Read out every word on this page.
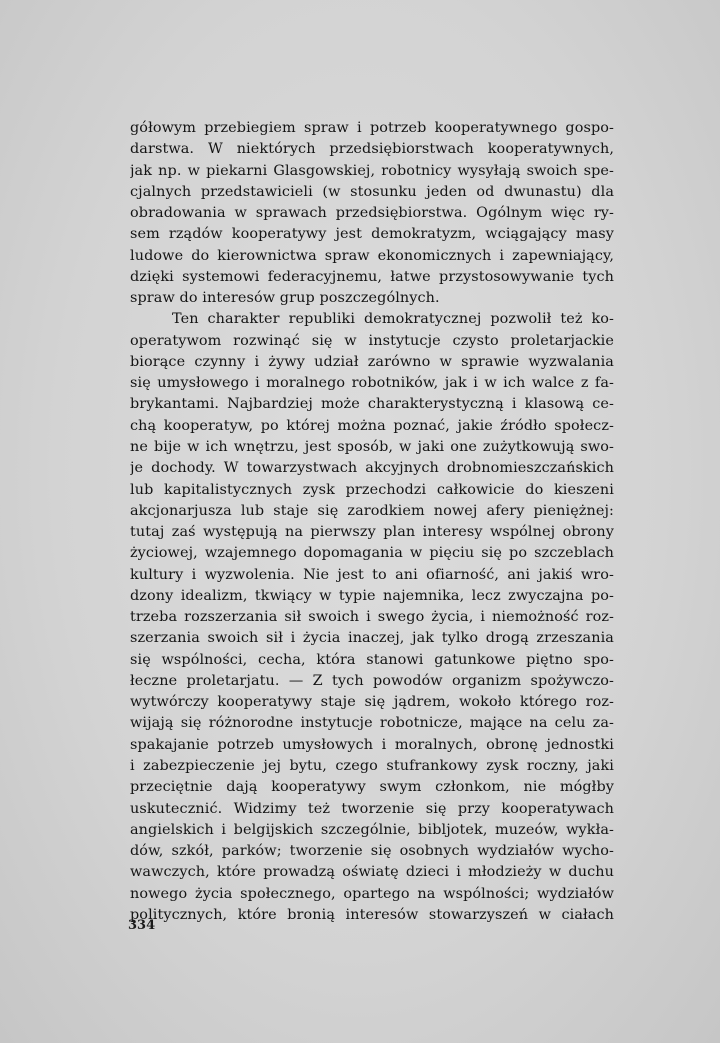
gółowym przebiegiem spraw i potrzeb kooperatywnego gospo-
darstwa. W niektórych przedsiębiorstwach kooperatywnych,
jak np. w piekarni Glasgowskiej, robotnicy wysyłają swoich spe-
cjalnych przedstawicieli (w stosunku jeden od dwunastu) dla
obradowania w sprawach przedsiębiorstwa. Ogólnym więc ry-
sem rządów kooperatywy jest demokratyzm, wciągający masy
ludowe do kierownictwa spraw ekonomicznych i zapewniający,
dzięki systemowi federacyjnemu, łatwe przystosowywanie tych
spraw do interesów grup poszczególnych.
Ten charakter republiki demokratycznej pozwolił też ko-
operatywom rozwinąć się w instytucje czysto proletarjackie
biorące czynny i żywy udział zarówno w sprawie wyzwalania
się umysłowego i moralnego robotników, jak i w ich walce z fa-
brykantami. Najbardziej może charakterystyczną i klasową ce-
chą kooperatyw, po której można poznać, jakie źródło społecz-
ne bije w ich wnętrzu, jest sposób, w jaki one zużytkowują swo-
je dochody. W towarzystwach akcyjnych drobnomieszczańskich
lub kapitalistycznych zysk przechodzi całkowicie do kieszeni
akcjonarjusza lub staje się zarodkiem nowej afery pieniężnej:
tutaj zaś występują na pierwszy plan interesy wspólnej obrony
życiowej, wzajemnego dopomagania w pięciu się po szczeblach
kultury i wyzwolenia. Nie jest to ani ofiarność, ani jakiś wro-
dzony idealizm, tkwiący w typie najemnika, lecz zwyczajna po-
trzeba rozszerzania sił swoich i swego życia, i niemożność roz-
szerzania swoich sił i życia inaczej, jak tylko drogą zrzeszania
się wspólności, cecha, która stanowi gatunkowe piętno spo-
łeczne proletarjatu. — Z tych powodów organizm spożywczo-
wytwórczy kooperatywy staje się jądrem, wokoło którego roz-
wijają się różnorodne instytucje robotnicze, mające na celu za-
spakajanie potrzeb umysłowych i moralnych, obronę jednostki
i zabezpieczenie jej bytu, czego stufrankowy zysk roczny, jaki
przeciętnie dają kooperatywy swym członkom, nie mógłby
uskutecznić. Widzimy też tworzenie się przy kooperatywach
angielskich i belgijskich szczególnie, bibljotek, muzeów, wykła-
dów, szkół, parków; tworzenie się osobnych wydziałów wycho-
wawczych, które prowadzą oświatę dzieci i młodzieży w duchu
nowego życia społecznego, opartego na wspólności; wydziałów
politycznych, które bronią interesów stowarzyszeń w ciałach
334
